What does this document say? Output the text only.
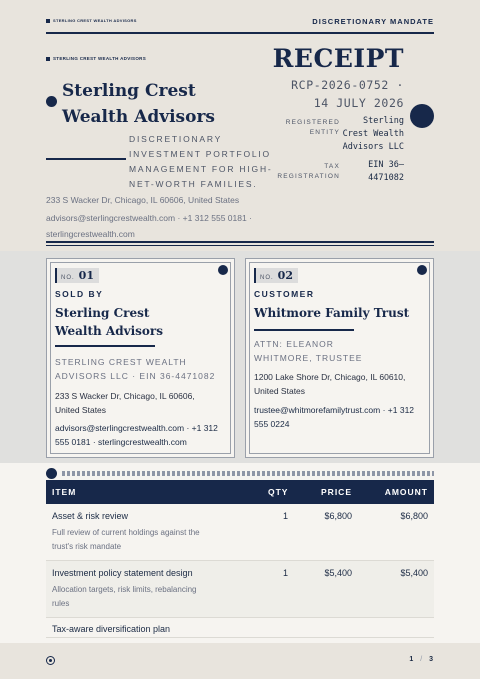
STERLING CREST WEALTH ADVISORS	DISCRETIONARY MANDATE
STERLING CREST WEALTH ADVISORS
Sterling Crest
Wealth Advisors
DISCRETIONARY INVESTMENT PORTFOLIO MANAGEMENT FOR HIGH-NET-WORTH FAMILIES.
233 S Wacker Dr, Chicago, IL 60606, United States
advisors@sterlingcrestwealth.com · +1 312 555 0181 · sterlingcrestwealth.com
RECEIPT
RCP-2026-0752 ·
14 JULY 2026
REGISTERED
ENTITY
Sterling
Crest Wealth
Advisors LLC
TAX
REGISTRATION
EIN 36–
4471082
NO. 01
SOLD BY
Sterling Crest
Wealth Advisors
STERLING CREST WEALTH
ADVISORS LLC · EIN 36-4471082
233 S Wacker Dr, Chicago, IL 60606,
United States
advisors@sterlingcrestwealth.com · +1 312
555 0181 · sterlingcrestwealth.com
NO. 02
CUSTOMER
Whitmore Family Trust
ATTN: ELEANOR
WHITMORE, TRUSTEE
1200 Lake Shore Dr, Chicago, IL 60610,
United States
trustee@whitmorefamilytrust.com · +1 312
555 0224
ITEM	QTY	PRICE	AMOUNT
Asset & risk review
Full review of current holdings against the
trust's risk mandate
1	$6,800	$6,800
Investment policy statement design
Allocation targets, risk limits, rebalancing
rules
1	$5,400	$5,400
Tax-aware diversification plan
1 / 3
